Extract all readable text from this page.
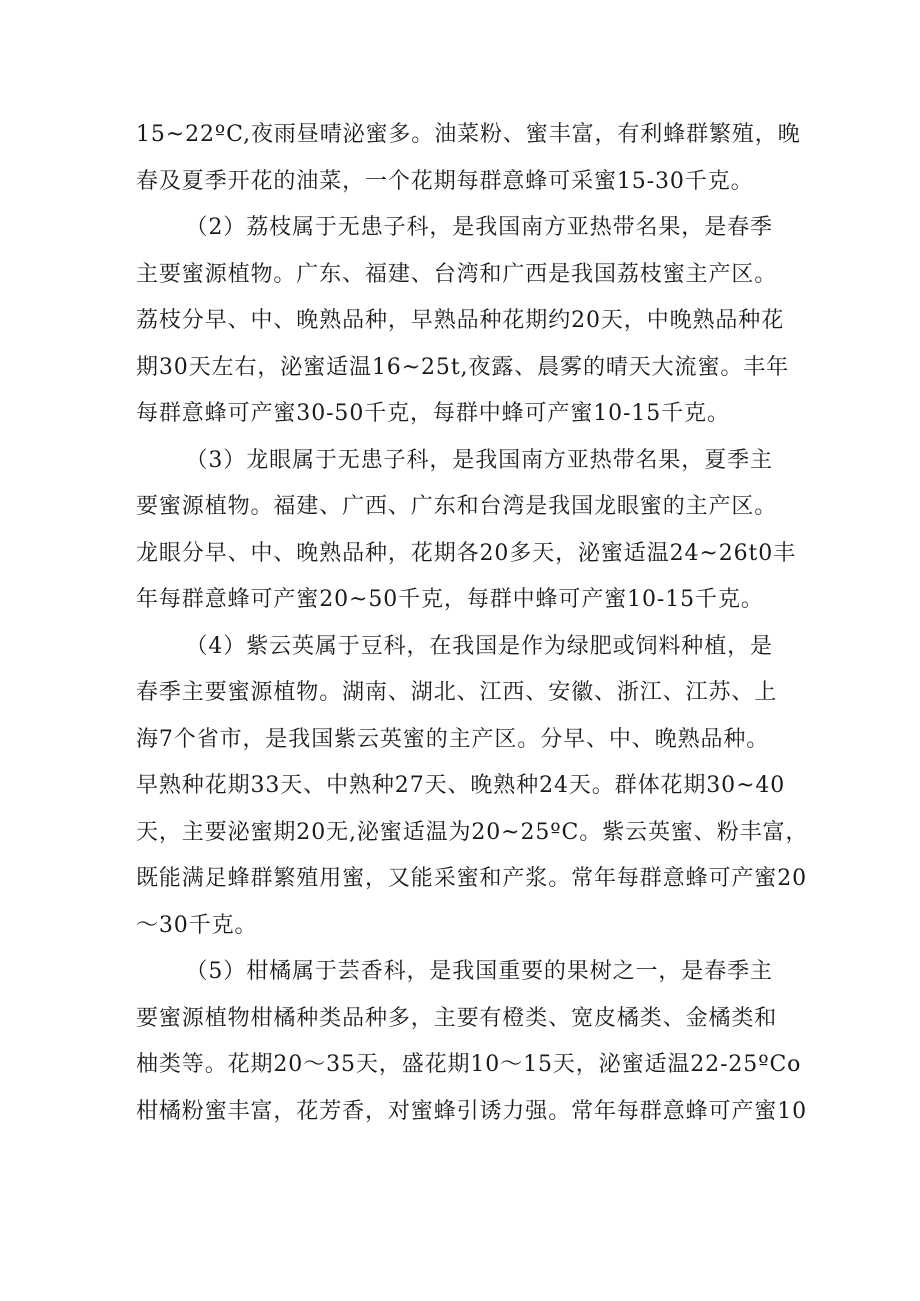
15~22ºC,夜雨昼晴泌蜜多。油菜粉、蜜丰富，有利蜂群繁殖，晚
春及夏季开花的油菜，一个花期每群意蜂可采蜜15-30千克。

（2）荔枝属于无患子科，是我国南方亚热带名果，是春季
主要蜜源植物。广东、福建、台湾和广西是我国荔枝蜜主产区。
荔枝分早、中、晚熟品种，早熟品种花期约20天，中晚熟品种花
期30天左右，泌蜜适温16~25t,夜露、晨雾的晴天大流蜜。丰年
每群意蜂可产蜜30-50千克，每群中蜂可产蜜10-15千克。

（3）龙眼属于无患子科，是我国南方亚热带名果，夏季主
要蜜源植物。福建、广西、广东和台湾是我国龙眼蜜的主产区。
龙眼分早、中、晚熟品种，花期各20多天，泌蜜适温24~26t0丰
年每群意蜂可产蜜20~50千克，每群中蜂可产蜜10-15千克。

（4）紫云英属于豆科，在我国是作为绿肥或饲料种植，是
春季主要蜜源植物。湖南、湖北、江西、安徽、浙江、江苏、上
海7个省市，是我国紫云英蜜的主产区。分早、中、晚熟品种。
早熟种花期33天、中熟种27天、晚熟种24天。群体花期30~40
天，主要泌蜜期20无,泌蜜适温为20~25ºC。紫云英蜜、粉丰富，
既能满足蜂群繁殖用蜜，又能采蜜和产浆。常年每群意蜂可产蜜20
～30千克。

（5）柑橘属于芸香科，是我国重要的果树之一，是春季主
要蜜源植物柑橘种类品种多，主要有橙类、宽皮橘类、金橘类和
柚类等。花期20～35天，盛花期10～15天，泌蜜适温22-25ºCo
柑橘粉蜜丰富，花芳香，对蜜蜂引诱力强。常年每群意蜂可产蜜10
